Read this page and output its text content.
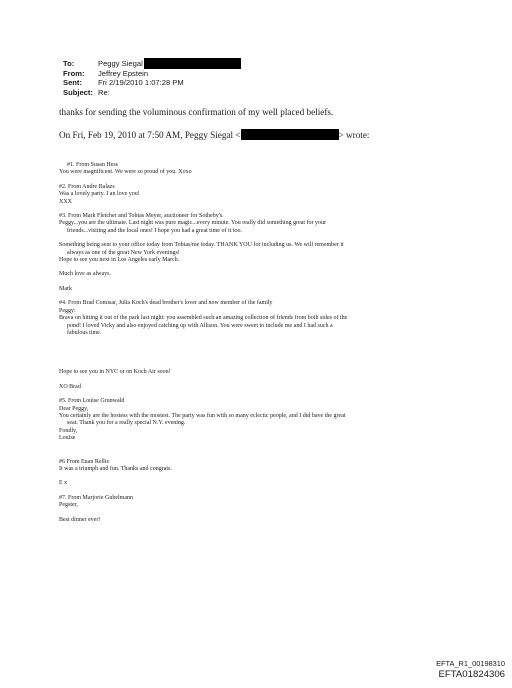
To:	Peggy Siegal
From:	Jeffrey Epstein
Sent:	Fri 2/19/2010 1:07:28 PM
Subject: Re:
thanks for sending the voluminous confirmation of my well placed beliefs.
On Fri, Feb 19, 2010 at 7:50 AM, Peggy Siegal <	> wrote:

#1. From Susan Hess

You were magnificent. We were so proud of you. Xoxo

#2. From Andre Balazs

Was a lovely party. I an love you!

XXX

#3. From Mark Fletcher and Tobias Meyer, auctioneer for Sotheby's.

Peggy...you are the ultimate. Last night was pure magic...every minute. You really did something great for your

friends...visiting and the local ones! I hope you had a great time of it too.

Something being sent to your office today from Tobias/me today. THANK YOU for including us. We will remember it

always as one of the great New York evenings!

Hope to see you next in Los Angeles early March.

Much love as always.

Mark

#4. From Brad Comisar, Julia Koch's dead brother's lover and now member of the family

Peggy:

Brava on hitting it out of the park last night: you assembled such an amazing collection of friends from both sides of the

pond! I loved Vicky and also enjoyed catching up with Allison. You were sweet to include me and I had such a

fabulous time.

Hope to see you in NYC or on Koch Air soon!

XO Brad

#5. From Louise Grunwald

Dear Peggy,

You certainly are the hostess with the mostest. The party was fun with so many eclectic people, and I did have the great

seat. Thank you for a really special N.Y. evening.

Fondly,

Louise

#6 From Euan Rellie

It was a triumph and fun. Thanks and congrats.

E x

#7. From Marjorie Gubelmann

Pegster,

Best dinner ever!

EFTA_R1_00198310
EFTA01824306
